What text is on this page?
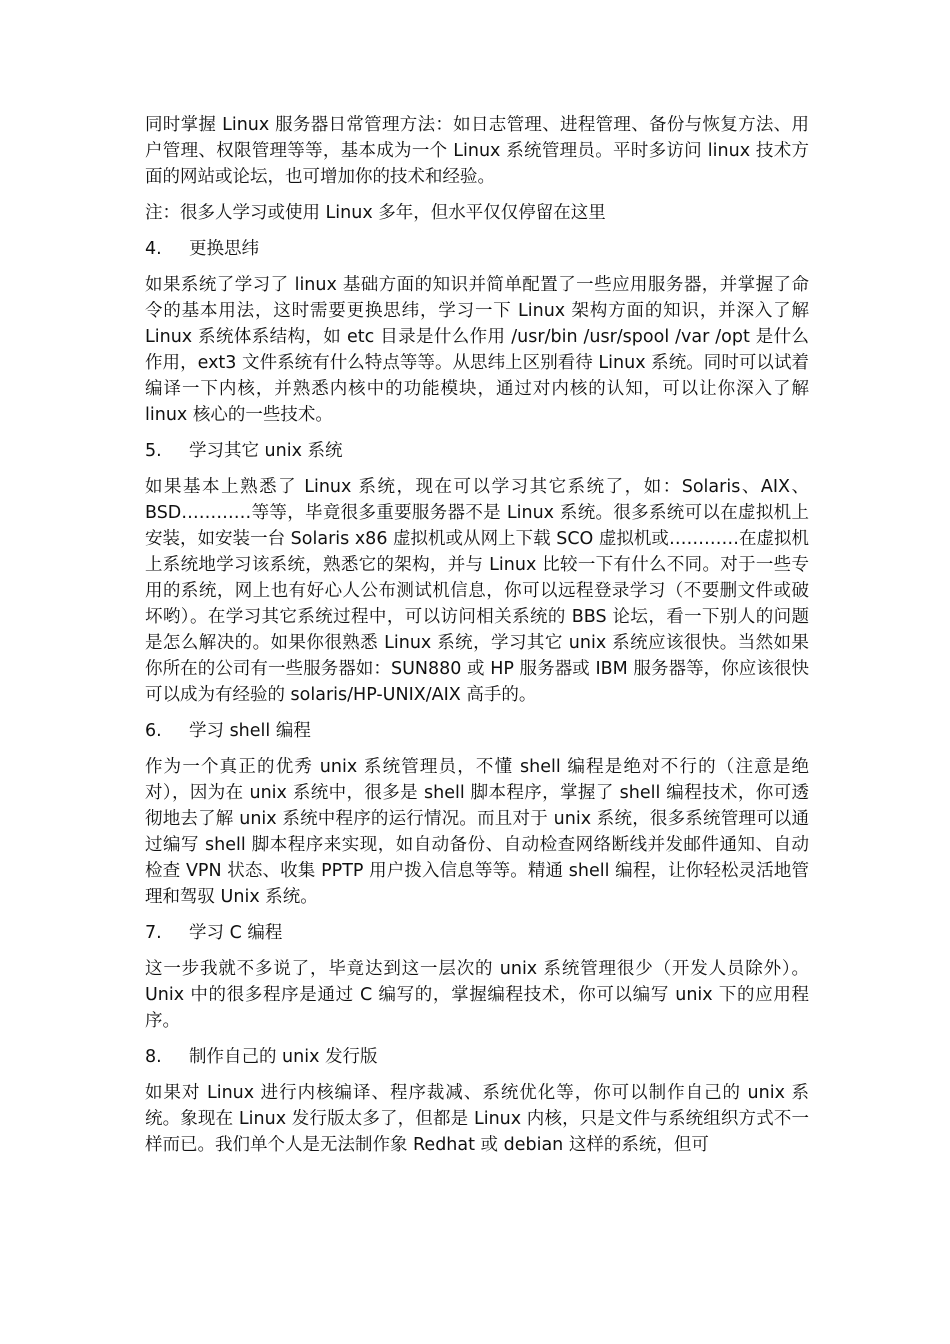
同时掌握 Linux 服务器日常管理方法：如日志管理、进程管理、备份与恢复方法、用户管理、权限管理等等，基本成为一个 Linux 系统管理员。平时多访问 linux 技术方面的网站或论坛，也可增加你的技术和经验。

注：很多人学习或使用 Linux 多年，但水平仅仅停留在这里

4.	更换思纬

如果系统了学习了 linux 基础方面的知识并简单配置了一些应用服务器，并掌握了命令的基本用法，这时需要更换思纬，学习一下 Linux 架构方面的知识，并深入了解 Linux 系统体系结构，如 etc 目录是什么作用 /usr/bin /usr/spool /var /opt 是什么作用，ext3 文件系统有什么特点等等。从思纬上区别看待 Linux 系统。同时可以试着编译一下内核，并熟悉内核中的功能模块，通过对内核的认知，可以让你深入了解 linux 核心的一些技术。

5.	学习其它 unix 系统

如果基本上熟悉了 Linux 系统，现在可以学习其它系统了，如：Solaris、AIX、BSD…………等等，毕竟很多重要服务器不是 Linux 系统。很多系统可以在虚拟机上安装，如安装一台 Solaris x86 虚拟机或从网上下载 SCO 虚拟机或…………在虚拟机上系统地学习该系统，熟悉它的架构，并与 Linux 比较一下有什么不同。对于一些专用的系统，网上也有好心人公布测试机信息，你可以远程登录学习（不要删文件或破坏哟）。在学习其它系统过程中，可以访问相关系统的 BBS 论坛，看一下别人的问题是怎么解决的。如果你很熟悉 Linux 系统，学习其它 unix 系统应该很快。当然如果你所在的公司有一些服务器如：SUN880 或 HP 服务器或 IBM 服务器等，你应该很快可以成为有经验的 solaris/HP-UNIX/AIX 高手的。

6.	学习 shell 编程

作为一个真正的优秀 unix 系统管理员，不懂 shell 编程是绝对不行的（注意是绝对），因为在 unix 系统中，很多是 shell 脚本程序，掌握了 shell 编程技术，你可透彻地去了解 unix 系统中程序的运行情况。而且对于 unix 系统，很多系统管理可以通过编写 shell 脚本程序来实现，如自动备份、自动检查网络断线并发邮件通知、自动检查 VPN 状态、收集 PPTP 用户拨入信息等等。精通 shell 编程，让你轻松灵活地管理和驾驭 Unix 系统。

7.	学习 C 编程

这一步我就不多说了，毕竟达到这一层次的 unix 系统管理很少（开发人员除外）。Unix 中的很多程序是通过 C 编写的，掌握编程技术，你可以编写 unix 下的应用程序。

8.	制作自己的 unix 发行版

如果对 Linux 进行内核编译、程序裁减、系统优化等，你可以制作自己的 unix 系统。象现在 Linux 发行版太多了，但都是 Linux 内核，只是文件与系统组织方式不一样而已。我们单个人是无法制作象 Redhat 或 debian 这样的系统，但可
